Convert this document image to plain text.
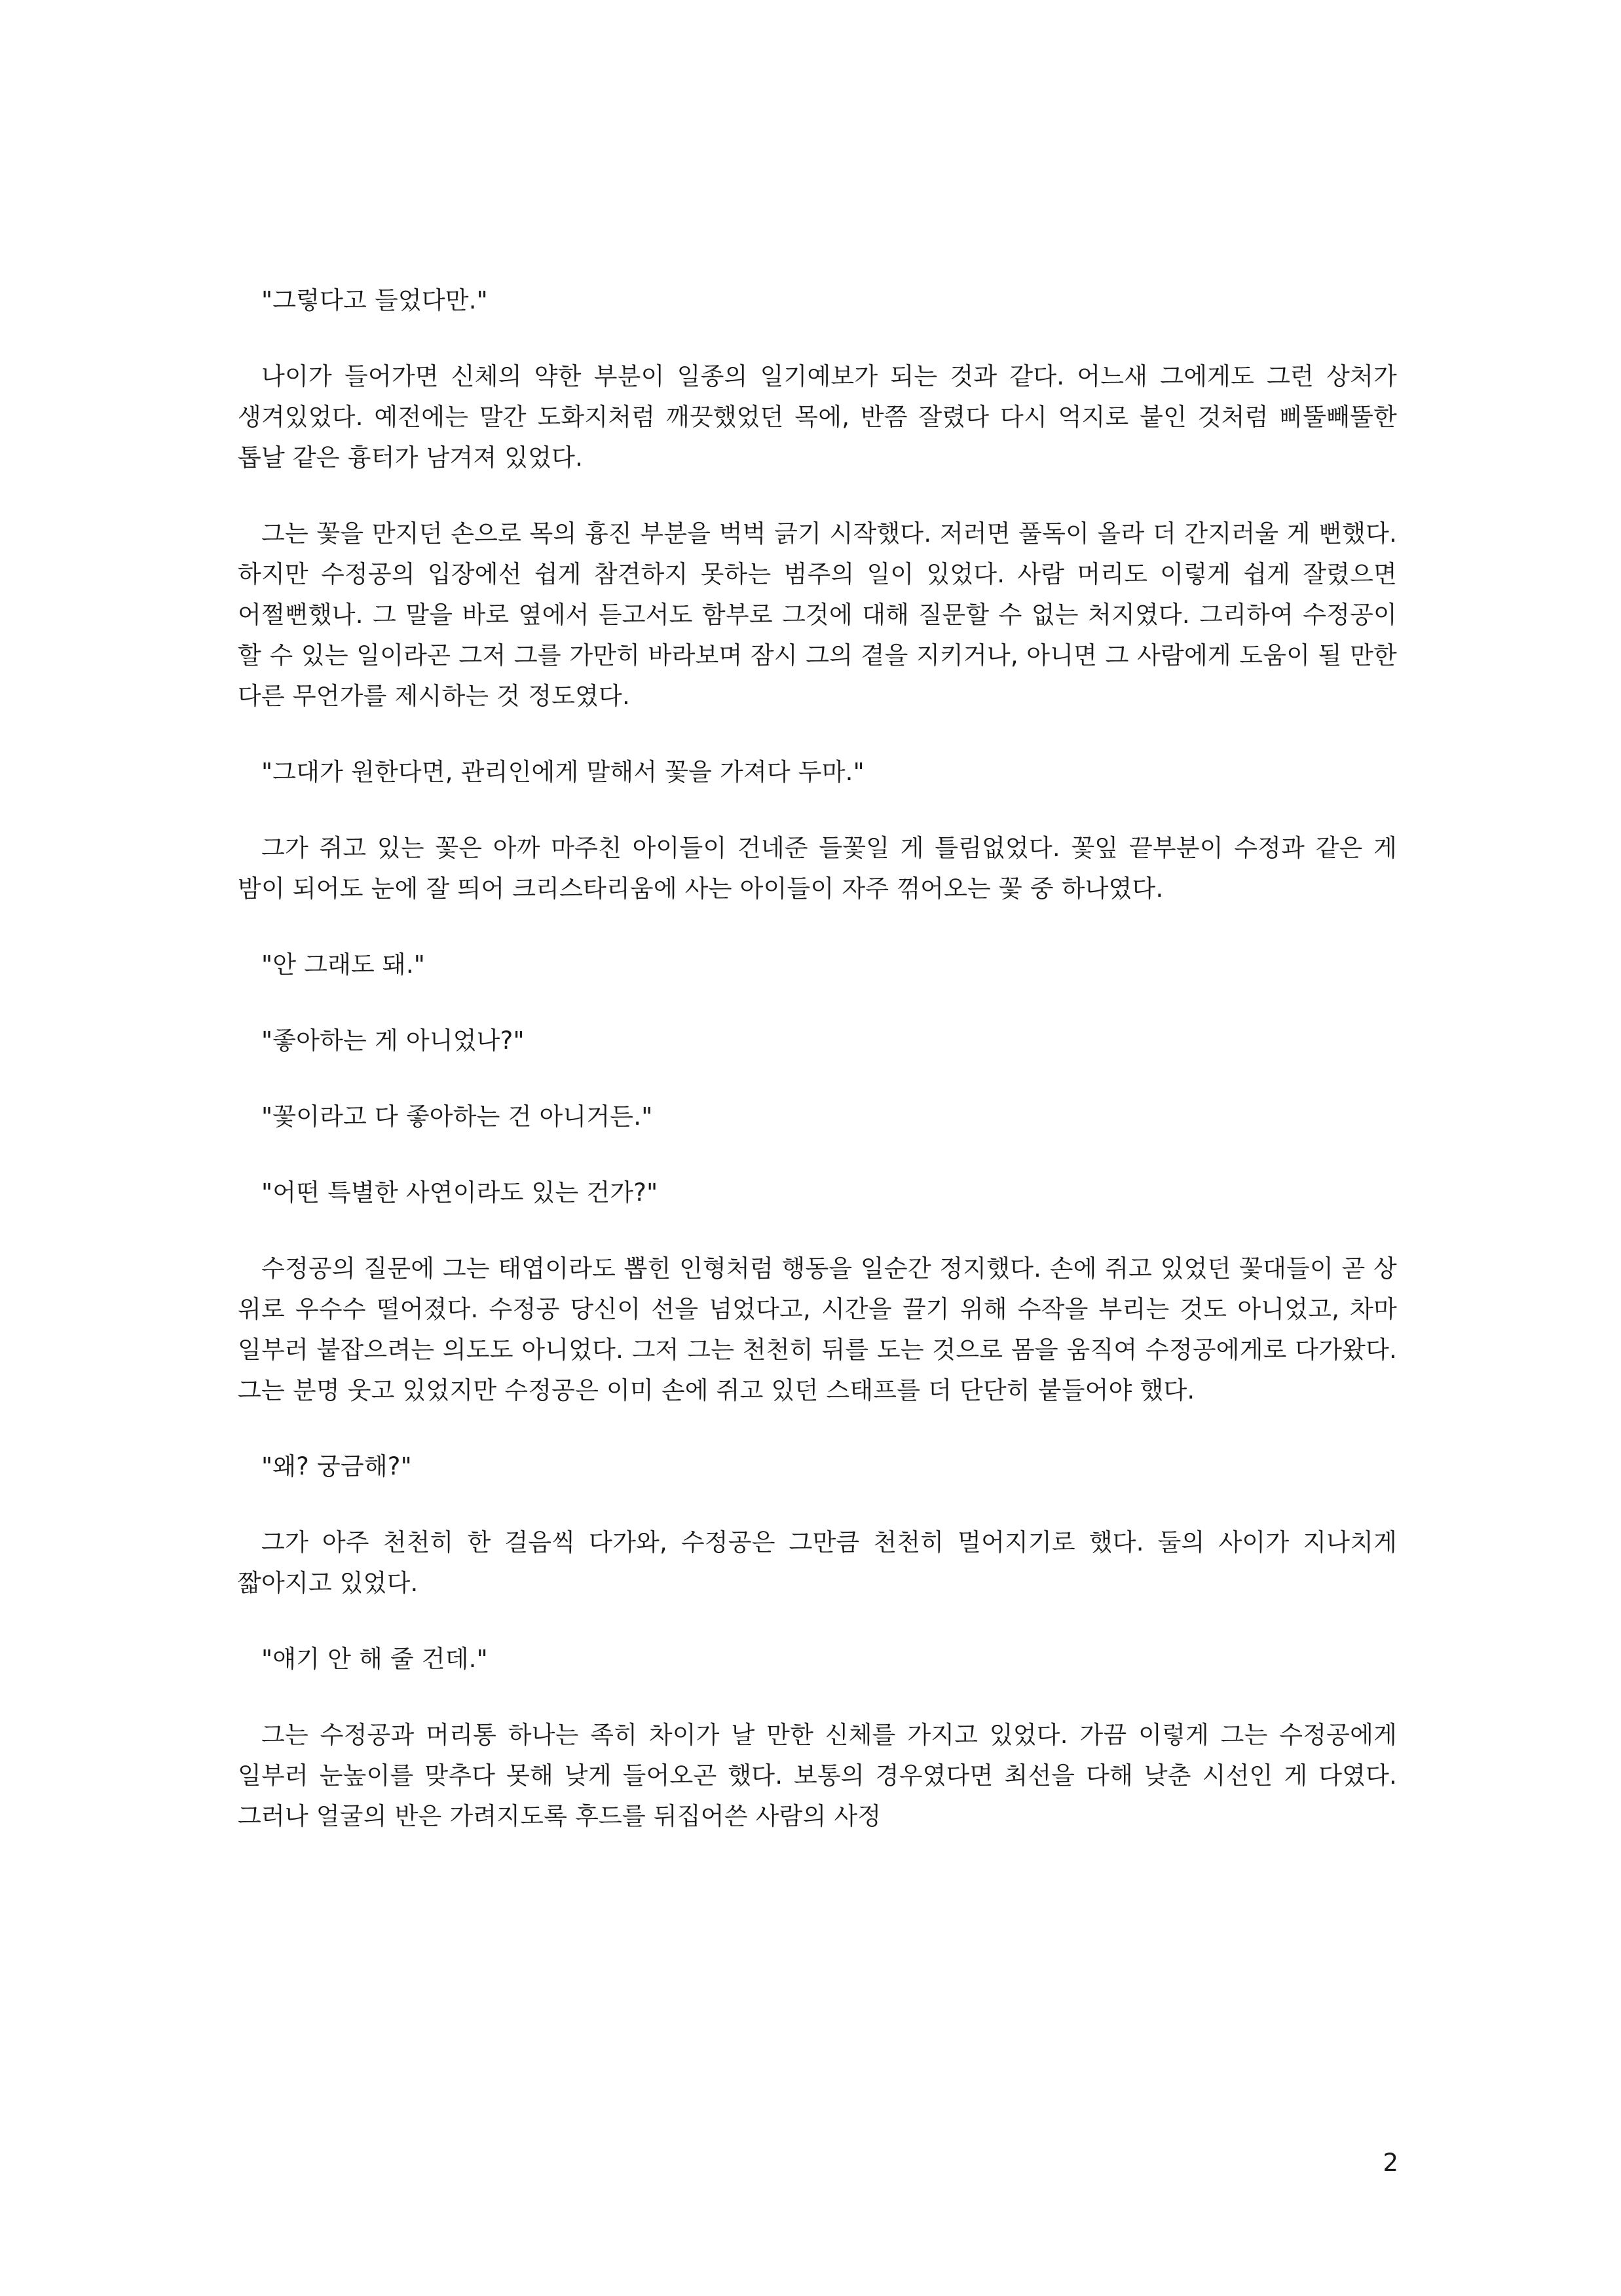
"그렇다고 들었다만."

나이가 들어가면 신체의 약한 부분이 일종의 일기예보가 되는 것과 같다. 어느새 그에게도 그런 상처가 생겨있었다. 예전에는 말간 도화지처럼 깨끗했었던 목에, 반쯤 잘렸다 다시 억지로 붙인 것처럼 삐뚤빼뚤한 톱날 같은 흉터가 남겨져 있었다.

그는 꽃을 만지던 손으로 목의 흉진 부분을 벅벅 긁기 시작했다. 저러면 풀독이 올라 더 간지러울 게 뻔했다. 하지만 수정공의 입장에선 쉽게 참견하지 못하는 범주의 일이 있었다. 사람 머리도 이렇게 쉽게 잘렸으면 어쩔뻔했나. 그 말을 바로 옆에서 듣고서도 함부로 그것에 대해 질문할 수 없는 처지였다. 그리하여 수정공이 할 수 있는 일이라곤 그저 그를 가만히 바라보며 잠시 그의 곁을 지키거나, 아니면 그 사람에게 도움이 될 만한 다른 무언가를 제시하는 것 정도였다.

"그대가 원한다면, 관리인에게 말해서 꽃을 가져다 두마."

그가 쥐고 있는 꽃은 아까 마주친 아이들이 건네준 들꽃일 게 틀림없었다. 꽃잎 끝부분이 수정과 같은 게 밤이 되어도 눈에 잘 띄어 크리스타리움에 사는 아이들이 자주 꺾어오는 꽃 중 하나였다.

"안 그래도 돼."

"좋아하는 게 아니었나?"

"꽃이라고 다 좋아하는 건 아니거든."

"어떤 특별한 사연이라도 있는 건가?"

수정공의 질문에 그는 태엽이라도 뽑힌 인형처럼 행동을 일순간 정지했다. 손에 쥐고 있었던 꽃대들이 곧 상 위로 우수수 떨어졌다. 수정공 당신이 선을 넘었다고, 시간을 끌기 위해 수작을 부리는 것도 아니었고, 차마 일부러 붙잡으려는 의도도 아니었다. 그저 그는 천천히 뒤를 도는 것으로 몸을 움직여 수정공에게로 다가왔다. 그는 분명 웃고 있었지만 수정공은 이미 손에 쥐고 있던 스태프를 더 단단히 붙들어야 했다.

"왜? 궁금해?"

그가 아주 천천히 한 걸음씩 다가와, 수정공은 그만큼 천천히 멀어지기로 했다. 둘의 사이가 지나치게 짧아지고 있었다.

"얘기 안 해 줄 건데."

그는 수정공과 머리통 하나는 족히 차이가 날 만한 신체를 가지고 있었다. 가끔 이렇게 그는 수정공에게 일부러 눈높이를 맞추다 못해 낮게 들어오곤 했다. 보통의 경우였다면 최선을 다해 낮춘 시선인 게 다였다. 그러나 얼굴의 반은 가려지도록 후드를 뒤집어쓴 사람의 사정

2
